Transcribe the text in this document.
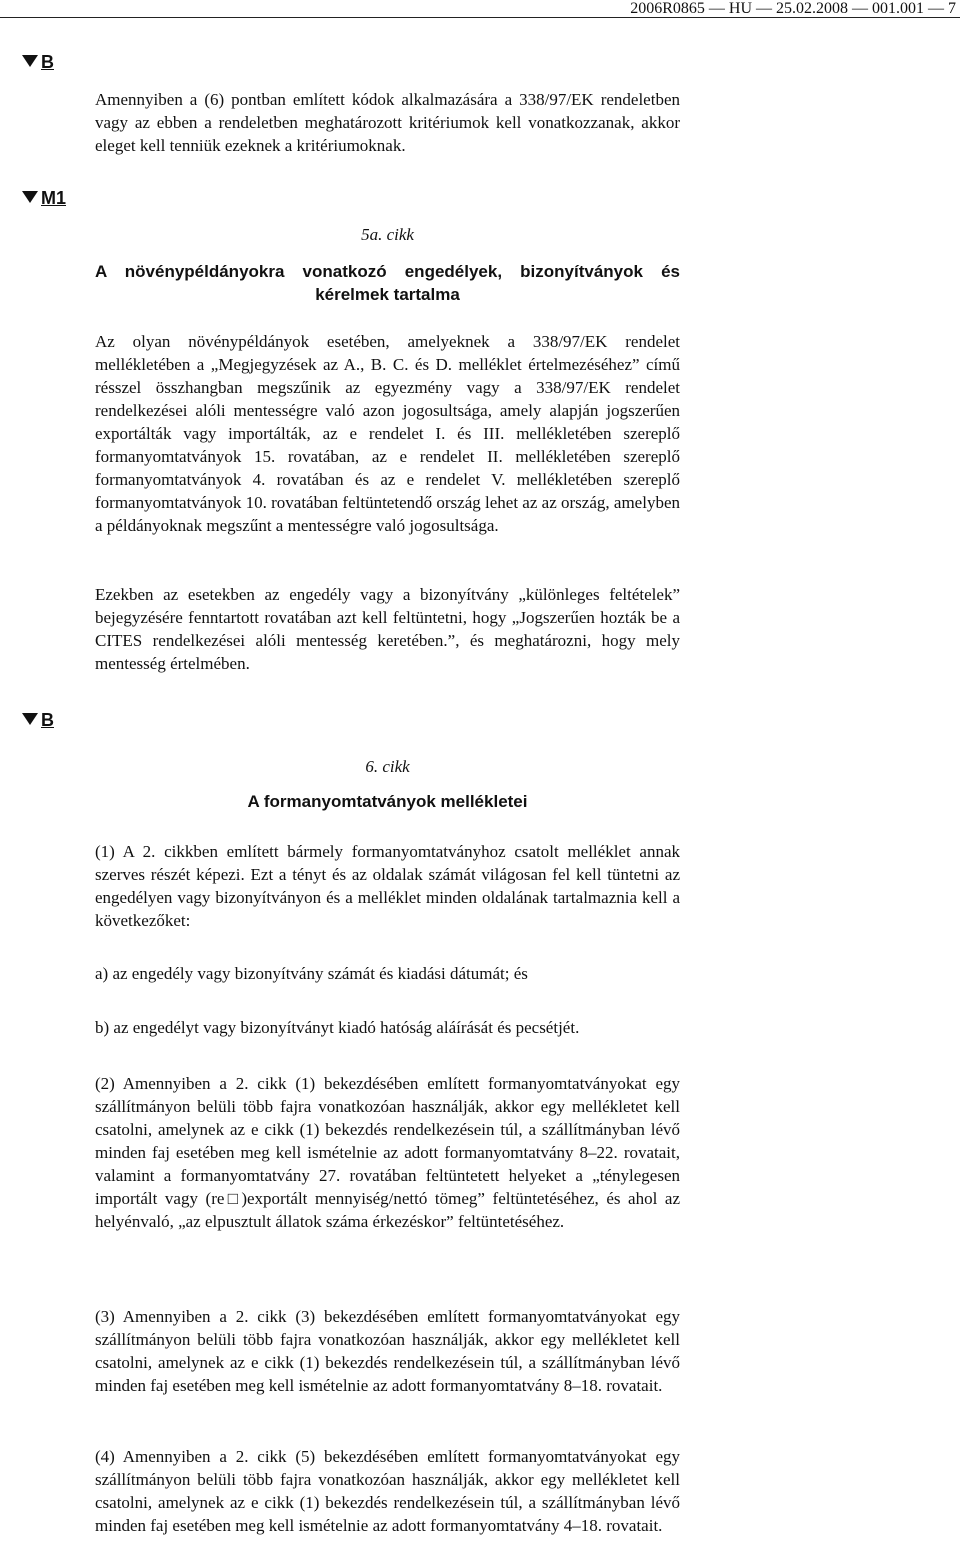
2006R0865 — HU — 25.02.2008 — 001.001 — 7
B
Amennyiben a (6) pontban említett kódok alkalmazására a 338/97/EK rendeletben vagy az ebben a rendeletben meghatározott kritériumok kell vonatkozzanak, akkor eleget kell tenniük ezeknek a kritériumoknak.
M1
5a. cikk
A növénypéldányokra vonatkozó engedélyek, bizonyítványok és kérelmek tartalma
Az olyan növénypéldányok esetében, amelyeknek a 338/97/EK rendelet mellékletében a „Megjegyzések az A., B. C. és D. melléklet értelmezéséhez” című résszel összhangban megszűnik az egyezmény vagy a 338/97/EK rendelet rendelkezései alóli mentességre való azon jogosultsága, amely alapján jogszerűen exportálták vagy importálták, az e rendelet I. és III. mellékletében szereplő formanyomtatványok 15. rovatában, az e rendelet II. mellékletében szereplő formanyomtatványok 4. rovatában és az e rendelet V. mellékletében szereplő formanyomtatványok 10. rovatában feltüntetendő ország lehet az az ország, amelyben a példányoknak megszűnt a mentességre való jogosultsága.
Ezekben az esetekben az engedély vagy a bizonyítvány „különleges feltételek” bejegyzésére fenntartott rovatában azt kell feltüntetni, hogy „Jogszerűen hozták be a CITES rendelkezései alóli mentesség keretében.”, és meghatározni, hogy mely mentesség értelmében.
B
6. cikk
A formanyomtatványok mellékletei
(1) A 2. cikkben említett bármely formanyomtatványhoz csatolt melléklet annak szerves részét képezi. Ezt a tényt és az oldalak számát világosan fel kell tüntetni az engedélyen vagy bizonyítványon és a melléklet minden oldalának tartalmaznia kell a következőket:
a) az engedély vagy bizonyítvány számát és kiadási dátumát; és
b) az engedélyt vagy bizonyítványt kiadó hatóság aláírását és pecsétjét.
(2) Amennyiben a 2. cikk (1) bekezdésében említett formanyomtatványokat egy szállítmányon belüli több fajra vonatkozóan használják, akkor egy mellékletet kell csatolni, amelynek az e cikk (1) bekezdés rendelkezésein túl, a szállítmányban lévő minden faj esetében meg kell ismételnie az adott formanyomtatvány 8–22. rovatait, valamint a formanyomtatvány 27. rovatában feltüntetett helyeket a „ténylegesen importált vagy (re□)exportált mennyiség/nettó tömeg” feltüntetéséhez, és ahol az helyénvaló, „az elpusztult állatok száma érkezéskor” feltüntetéséhez.
(3) Amennyiben a 2. cikk (3) bekezdésében említett formanyomtatványokat egy szállítmányon belüli több fajra vonatkozóan használják, akkor egy mellékletet kell csatolni, amelynek az e cikk (1) bekezdés rendelkezésein túl, a szállítmányban lévő minden faj esetében meg kell ismételnie az adott formanyomtatvány 8–18. rovatait.
(4) Amennyiben a 2. cikk (5) bekezdésében említett formanyomtatványokat egy szállítmányon belüli több fajra vonatkozóan használják, akkor egy mellékletet kell csatolni, amelynek az e cikk (1) bekezdés rendelkezésein túl, a szállítmányban lévő minden faj esetében meg kell ismételnie az adott formanyomtatvány 4–18. rovatait.
